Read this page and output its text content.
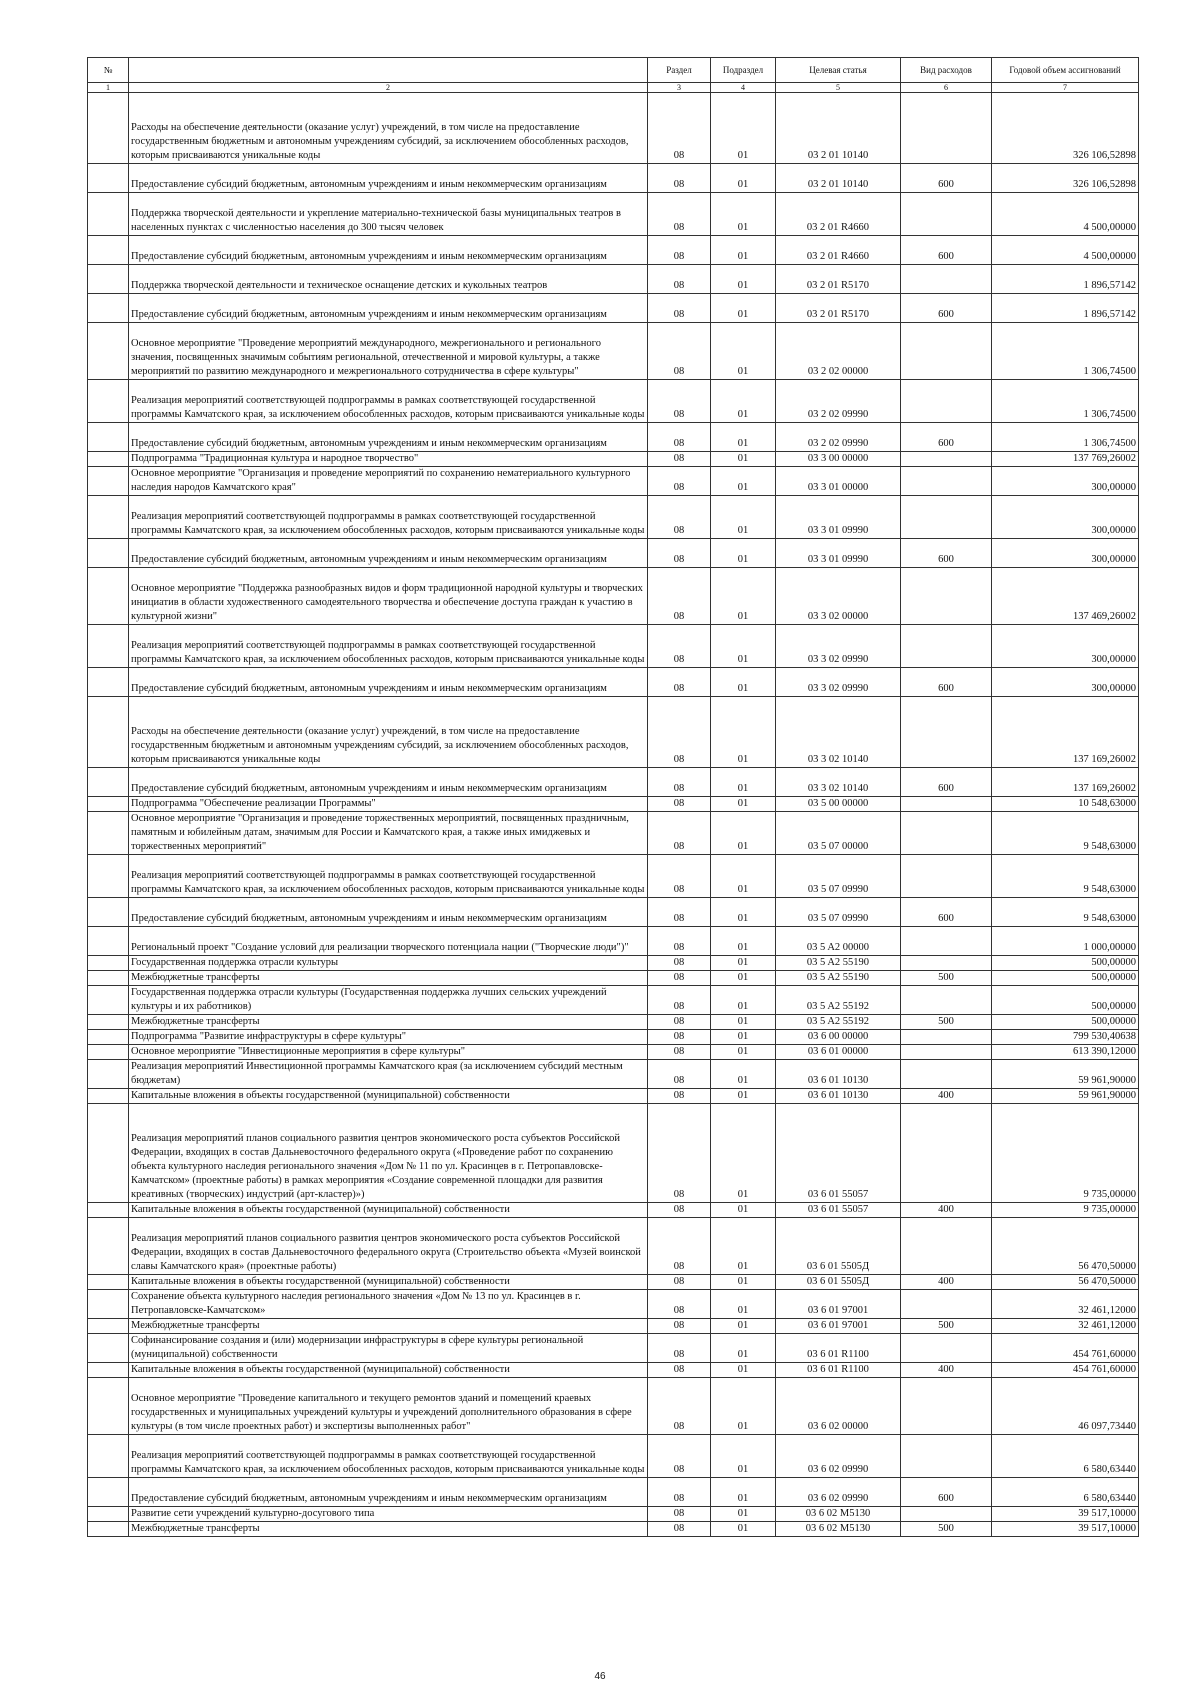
№		Раздел	Подраздел	Целевая статья	Вид расходов	Годовой объем ассигнований
1	2	3	4	5	6	7
	Расходы на обеспечение деятельности (оказание услуг) учреждений, в том числе на предоставление государственным бюджетным и автономным учреждениям субсидий, за исключением обособленных расходов, которым присваиваются уникальные коды	08	01	03 2 01 10140		326 106,52898
	Предоставление субсидий бюджетным, автономным учреждениям и иным некоммерческим организациям	08	01	03 2 01 10140	600	326 106,52898
	Поддержка творческой деятельности и укрепление материально-технической базы муниципальных театров в населенных пунктах с численностью населения до 300 тысяч человек	08	01	03 2 01 R4660		4 500,00000
	Предоставление субсидий бюджетным, автономным учреждениям и иным некоммерческим организациям	08	01	03 2 01 R4660	600	4 500,00000
	Поддержка творческой деятельности и техническое оснащение детских и кукольных театров	08	01	03 2 01 R5170		1 896,57142
	Предоставление субсидий бюджетным, автономным учреждениям и иным некоммерческим организациям	08	01	03 2 01 R5170	600	1 896,57142
	Основное мероприятие "Проведение мероприятий международного, межрегионального и регионального значения, посвященных значимым событиям региональной, отечественной и мировой культуры, а также мероприятий по развитию международного и межрегионального сотрудничества в сфере культуры"	08	01	03 2 02 00000		1 306,74500
	Реализация мероприятий соответствующей подпрограммы в рамках соответствующей государственной программы Камчатского края, за исключением обособленных расходов, которым присваиваются уникальные коды	08	01	03 2 02 09990		1 306,74500
	Предоставление субсидий бюджетным, автономным учреждениям и иным некоммерческим организациям	08	01	03 2 02 09990	600	1 306,74500
	Подпрограмма "Традиционная культура и народное творчество"	08	01	03 3 00 00000		137 769,26002
	Основное мероприятие "Организация и проведение мероприятий по сохранению нематериального культурного наследия народов Камчатского края"	08	01	03 3 01 00000		300,00000
	Реализация мероприятий соответствующей подпрограммы в рамках соответствующей государственной программы Камчатского края, за исключением обособленных расходов, которым присваиваются уникальные коды	08	01	03 3 01 09990		300,00000
	Предоставление субсидий бюджетным, автономным учреждениям и иным некоммерческим организациям	08	01	03 3 01 09990	600	300,00000
	Основное мероприятие "Поддержка разнообразных видов и форм традиционной народной культуры и творческих инициатив в области художественного самодеятельного творчества и обеспечение доступа граждан к участию в культурной жизни"	08	01	03 3 02 00000		137 469,26002
	Реализация мероприятий соответствующей подпрограммы в рамках соответствующей государственной программы Камчатского края, за исключением обособленных расходов, которым присваиваются уникальные коды	08	01	03 3 02 09990		300,00000
	Предоставление субсидий бюджетным, автономным учреждениям и иным некоммерческим организациям	08	01	03 3 02 09990	600	300,00000
	Расходы на обеспечение деятельности (оказание услуг) учреждений, в том числе на предоставление государственным бюджетным и автономным учреждениям субсидий, за исключением обособленных расходов, которым присваиваются уникальные коды	08	01	03 3 02 10140		137 169,26002
	Предоставление субсидий бюджетным, автономным учреждениям и иным некоммерческим организациям	08	01	03 3 02 10140	600	137 169,26002
	Подпрограмма "Обеспечение реализации Программы"	08	01	03 5 00 00000		10 548,63000
	Основное мероприятие "Организация и проведение торжественных мероприятий, посвященных праздничным, памятным и юбилейным датам, значимым для России и Камчатского края, а также иных имиджевых и торжественных мероприятий"	08	01	03 5 07 00000		9 548,63000
	Реализация мероприятий соответствующей подпрограммы в рамках соответствующей государственной программы Камчатского края, за исключением обособленных расходов, которым присваиваются уникальные коды	08	01	03 5 07 09990		9 548,63000
	Предоставление субсидий бюджетным, автономным учреждениям и иным некоммерческим организациям	08	01	03 5 07 09990	600	9 548,63000
	Региональный проект "Создание условий для реализации творческого потенциала нации ("Творческие люди")"	08	01	03 5 A2 00000		1 000,00000
	Государственная поддержка отрасли культуры	08	01	03 5 A2 55190		500,00000
	Межбюджетные трансферты	08	01	03 5 A2 55190	500	500,00000
	Государственная поддержка отрасли культуры (Государственная поддержка лучших сельских учреждений культуры и их работников)	08	01	03 5 A2 55192		500,00000
	Межбюджетные трансферты	08	01	03 5 A2 55192	500	500,00000
	Подпрограмма "Развитие инфраструктуры в сфере культуры"	08	01	03 6 00 00000		799 530,40638
	Основное мероприятие "Инвестиционные мероприятия в сфере культуры"	08	01	03 6 01 00000		613 390,12000
	Реализация мероприятий Инвестиционной программы Камчатского края (за исключением субсидий местным бюджетам)	08	01	03 6 01 10130		59 961,90000
	Капитальные вложения в объекты государственной (муниципальной) собственности	08	01	03 6 01 10130	400	59 961,90000
	Реализация мероприятий планов социального развития центров экономического роста субъектов Российской Федерации, входящих в состав Дальневосточного федерального округа («Проведение работ по сохранению объекта культурного наследия регионального значения «Дом № 11 по ул. Красинцев в г. Петропавловске-Камчатском» (проектные работы) в рамках мероприятия «Создание современной площадки для развития креативных (творческих) индустрий (арт-кластер)»)	08	01	03 6 01 55057		9 735,00000
	Капитальные вложения в объекты государственной (муниципальной) собственности	08	01	03 6 01 55057	400	9 735,00000
	Реализация мероприятий планов социального развития центров экономического роста субъектов Российской Федерации, входящих в состав Дальневосточного федерального округа (Строительство объекта «Музей воинской славы Камчатского края» (проектные работы)	08	01	03 6 01 5505Д		56 470,50000
	Капитальные вложения в объекты государственной (муниципальной) собственности	08	01	03 6 01 5505Д	400	56 470,50000
	Сохранение объекта культурного наследия регионального значения «Дом № 13 по ул. Красинцев в г. Петропавловске-Камчатском»	08	01	03 6 01 97001		32 461,12000
	Межбюджетные трансферты	08	01	03 6 01 97001	500	32 461,12000
	Софинансирование создания и (или) модернизации инфраструктуры в сфере культуры региональной (муниципальной) собственности	08	01	03 6 01 R1100		454 761,60000
	Капитальные вложения в объекты государственной (муниципальной) собственности	08	01	03 6 01 R1100	400	454 761,60000
	Основное мероприятие "Проведение капитального и текущего ремонтов зданий и помещений краевых государственных и муниципальных учреждений культуры и учреждений дополнительного образования в сфере культуры (в том числе проектных работ) и экспертизы выполненных работ"	08	01	03 6 02 00000		46 097,73440
	Реализация мероприятий соответствующей подпрограммы в рамках соответствующей государственной программы Камчатского края, за исключением обособленных расходов, которым присваиваются уникальные коды	08	01	03 6 02 09990		6 580,63440
	Предоставление субсидий бюджетным, автономным учреждениям и иным некоммерческим организациям	08	01	03 6 02 09990	600	6 580,63440
	Развитие сети учреждений культурно-досугового типа	08	01	03 6 02 M5130		39 517,10000
	Межбюджетные трансферты	08	01	03 6 02 M5130	500	39 517,10000
46
